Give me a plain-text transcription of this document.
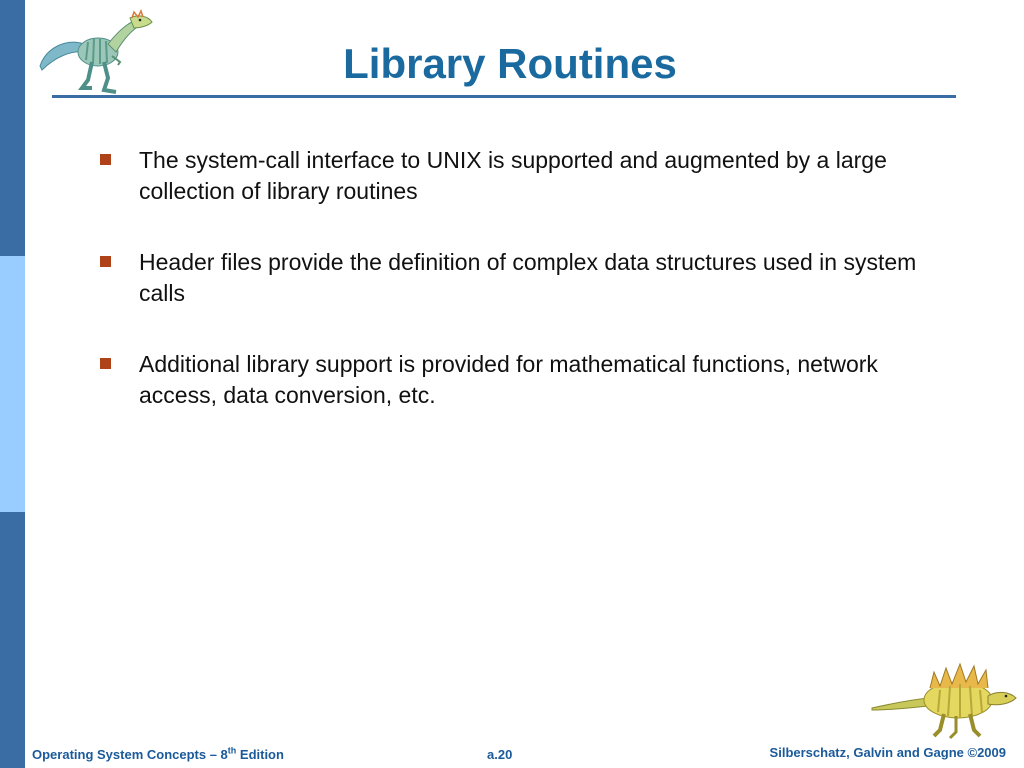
Library Routines
The system-call interface to UNIX is supported and augmented by a large collection of library routines
Header files provide the definition of complex data structures used in system calls
Additional library support is provided for mathematical functions, network access, data conversion, etc.
Operating System Concepts – 8th Edition	a.20	Silberschatz, Galvin and Gagne ©2009
